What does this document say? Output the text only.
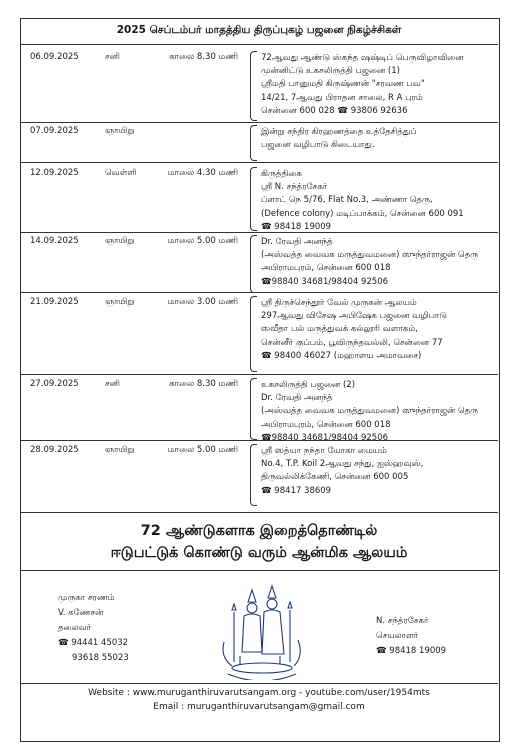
2025 செப்டம்பர் மாதத்திய திருப்புகழ் பஜனை நிகழ்ச்சிகள்
06.09.2025	சனி	காலை 8.30 மணி	72ஆவது ஆண்டு ஸ்கந்த ஷஷ்டிப் பெருவிழாவினை
முன்னிட்டு உகசலிருத்தி பஜனை (1)
ஸ்ரீமதி பானுமதி கிருஷ்ணன் "சரவண பவ"
14/21, 7ஆவது பிராதன சாலை, R A புரம்
சென்னை 600 028 ☎ 93806 92636
07.09.2025	ஞாயிறு	இன்று சந்திர கிரஹணத்தை உத்தேசித்துப்
பஜனை வழிபாடு கிடையாது.
12.09.2025	வெள்ளி	மாலை 4.30 மணி	கிருத்திகை
ஸ்ரீ N. சந்த்ரசேகர்
ப்ளாட் நெ 5/76, Flat No.3, அண்ணா தெரு,
(Defence colony) மடிப்பாக்கம், சென்னை 600 091
☎ 98418 19009
14.09.2025	ஞாயிறு	மாலை 5.00 மணி	Dr. ரேவதி அனந்த்
(அஸ்வத்த வைவக மருத்துவமனை) ஸுந்தர்ராஜன் தெரு
அபிராமபுரம், சென்னை 600 018
☎98840 34681/98404 92506
21.09.2025	ஞாயிறு	மாலை 3.00 மணி	ஸ்ரீ திருச்செந்தூர் வேல் முருகன் ஆலயம்
297ஆவது விசேஷ அபிஷேக பஜனை வழிபாடு
ஸவீதா பல் மருத்துவக் கல்லூரி வளாகம்,
சென்னீர் குப்பம், பூவிருந்தவல்லி, சென்னை 77
☎ 98400 46027 (மஹாளய அமாவசை)
27.09.2025	சனி	காலை 8.30 மணி	உகசலிருத்தி பஜனை (2)
Dr. ரேவதி அனந்த்
(அஸ்வத்த வைவக மருத்துவமனை) ஸுந்தர்ராஜன் தெரு
அபிராமபுரம், சென்னை 600 018
☎98840 34681/98404 92506
28.09.2025	ஞாயிறு	மாலை 5.00 மணி	ஸ்ரீ ஸத்யா நந்தா யோகா மையம்
No.4, T.P. Koil 2ஆவது சந்து, ஐஸ்ஹவுஸ்,
திருவல்லிக்கேணி, சென்னை 600 005
☎ 98417 38609
72 ஆண்டுகளாக இறைத்தொண்டில்
ஈடுபட்டுக் கொண்டு வரும் ஆன்மிக ஆலயம்
முருகா சரணம்
V. கணேசன்
தலைவர்
☎ 94441 45032
93618 55023
N. சந்த்ரசேகர்
செயலாளர்
☎ 98418 19009
Website : www.muruganthiruvarutsangam.org - youtube.com/user/1954mts
Email : muruganthiruvarutsangam@gmail.com
